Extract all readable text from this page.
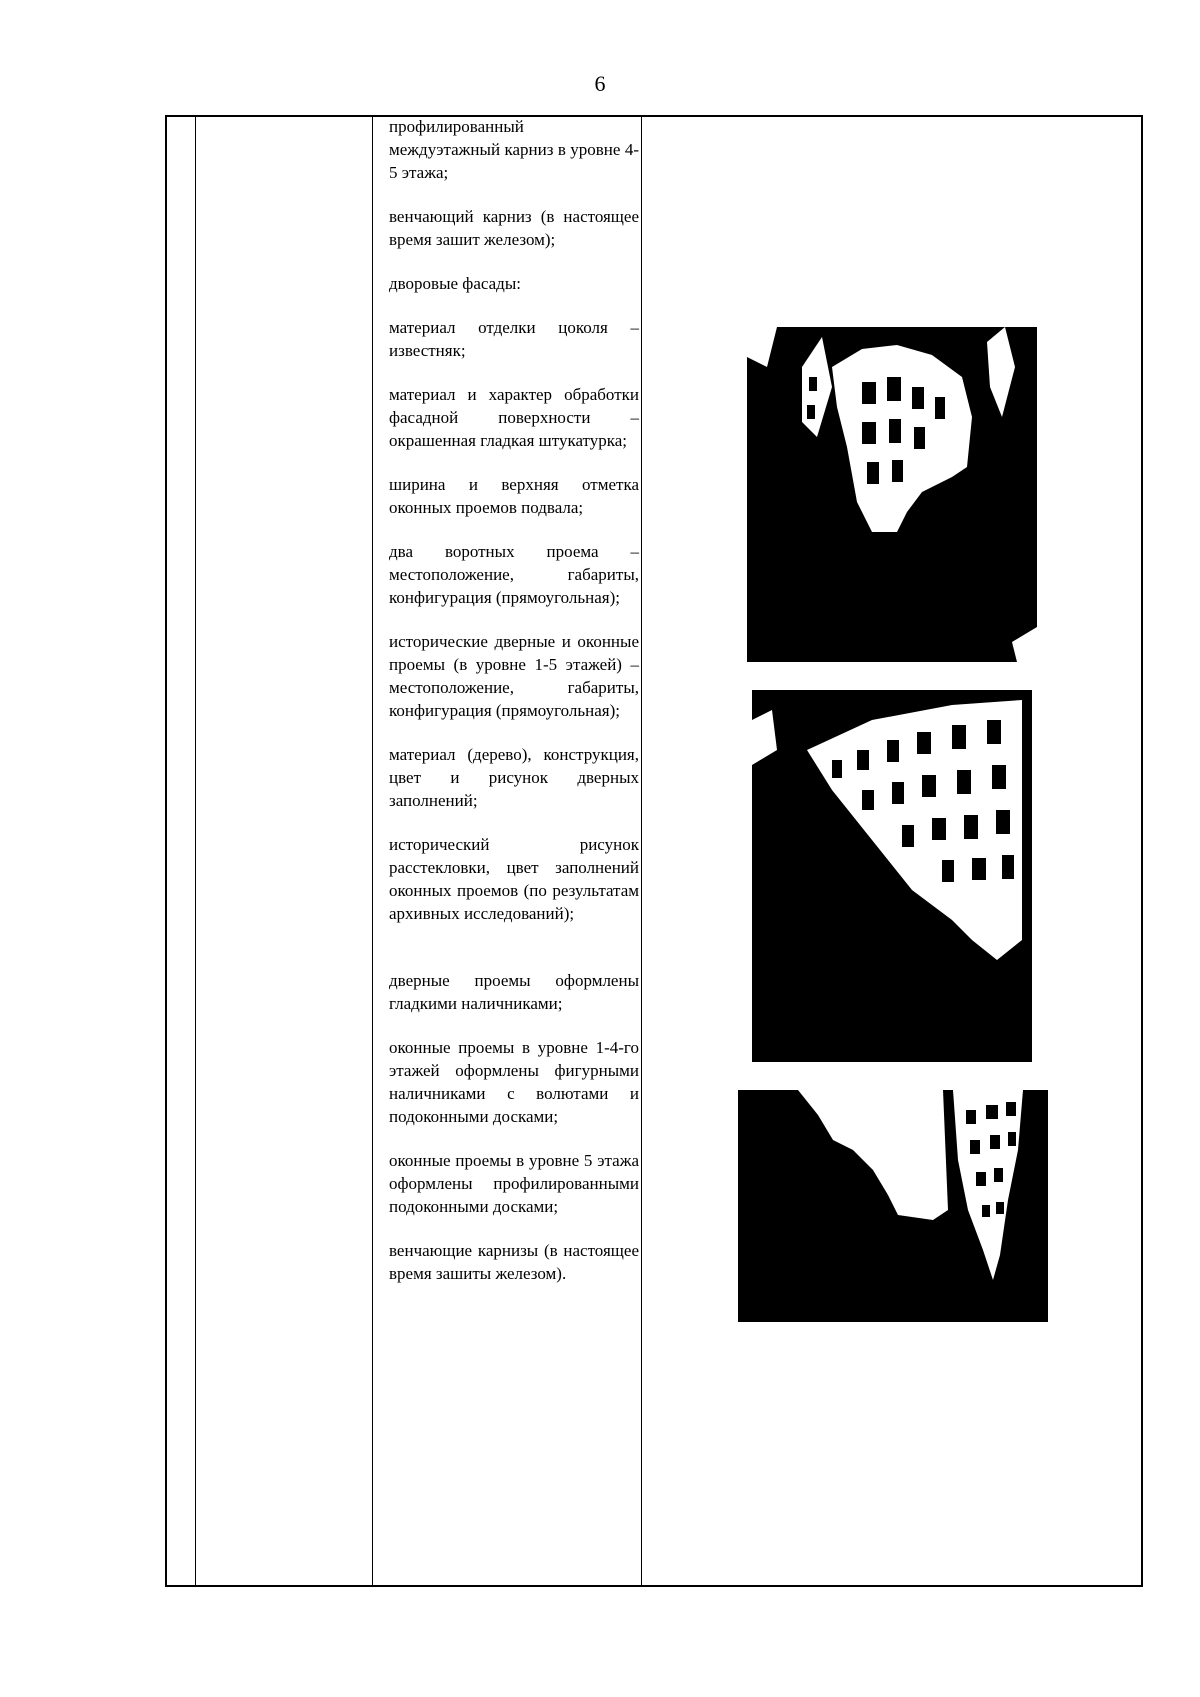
6

профилированный междуэтажный карниз в уровне 4-5 этажа;

венчающий карниз (в настоящее время зашит железом);

дворовые фасады:

материал отделки цоколя – известняк;

материал и характер обработки фасадной поверхности – окрашенная гладкая штукатурка;

ширина и верхняя отметка оконных проемов подвала;

два воротных проема – местоположение, габариты, конфигурация (прямоугольная);

исторические дверные и оконные проемы (в уровне 1-5 этажей) – местоположение, габариты, конфигурация (прямоугольная);

материал (дерево), конструкция, цвет и рисунок дверных заполнений;

исторический рисунок расстекловки, цвет заполнений оконных проемов (по результатам архивных исследований);

дверные проемы оформлены гладкими наличниками;

оконные проемы в уровне 1-4-го этажей оформлены фигурными наличниками с волютами и подоконными досками;

оконные проемы в уровне 5 этажа оформлены профилированными подоконными досками;

венчающие карнизы (в настоящее время зашиты железом).
